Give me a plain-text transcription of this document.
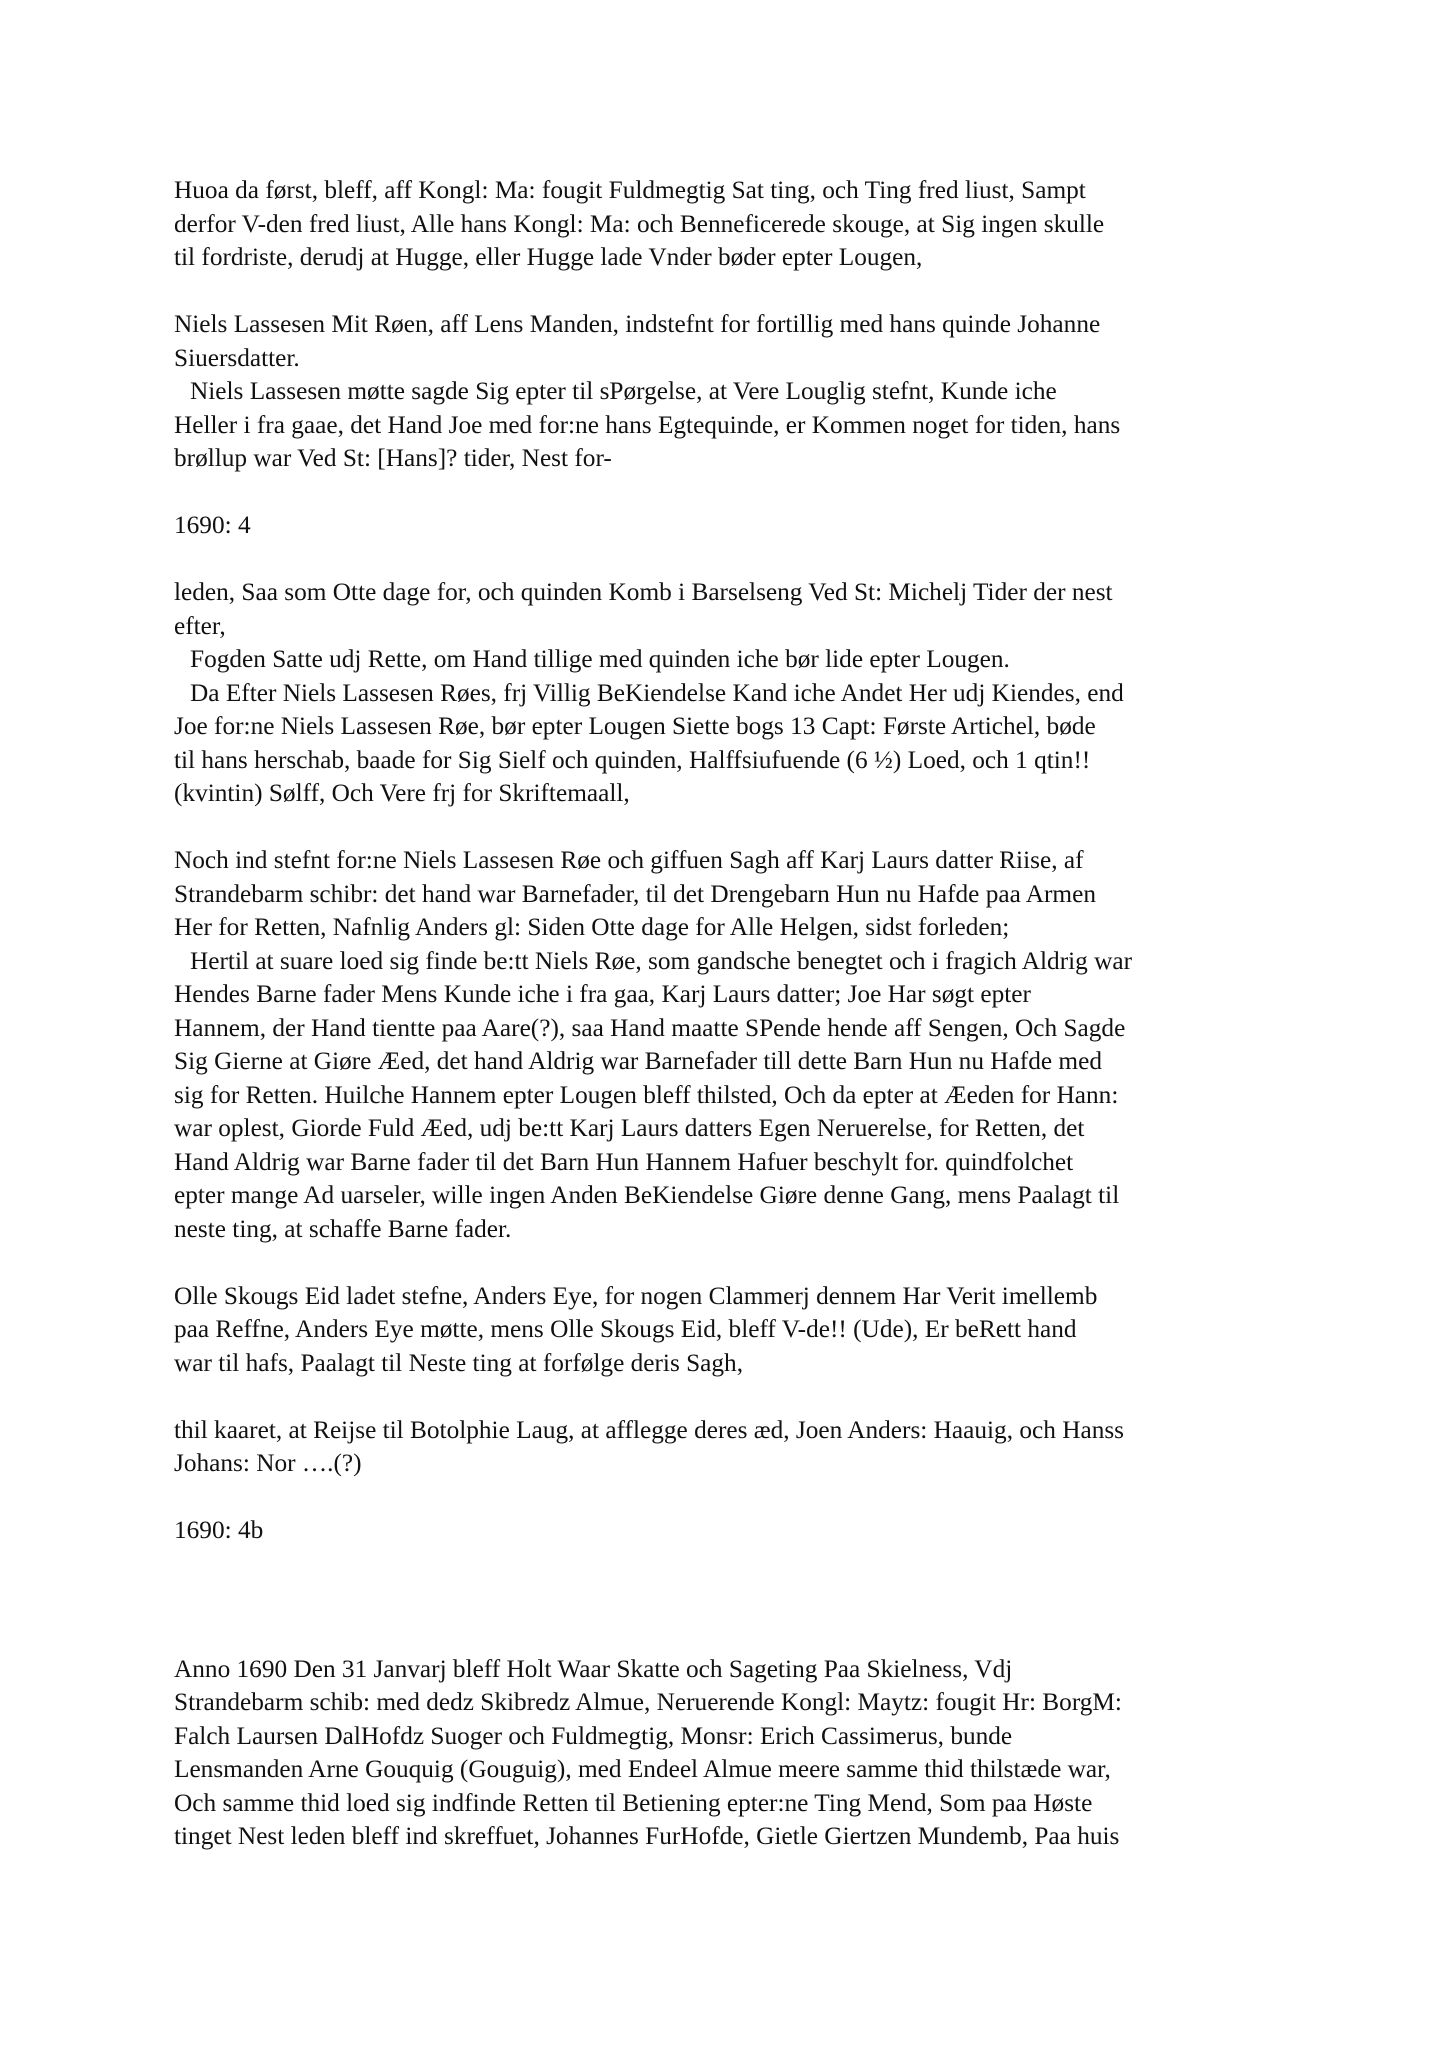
Huoa da først, bleff, aff Kongl: Ma: fougit Fuldmegtig Sat ting, och Ting fred liust, Sampt
derfor V-den fred liust, Alle hans Kongl: Ma: och Benneficerede skouge, at Sig ingen skulle
til fordriste, derudj at Hugge, eller Hugge lade Vnder bøder epter Lougen,

Niels Lassesen Mit Røen, aff Lens Manden, indstefnt for fortillig med hans quinde Johanne
Siuersdatter.

Niels Lassesen møtte sagde Sig epter til sPørgelse, at Vere Louglig stefnt, Kunde iche
Heller i fra gaae, det Hand Joe med for:ne hans Egtequinde, er Kommen noget for tiden, hans
brøllup war Ved St: [Hans]? tider, Nest for-

1690: 4

leden, Saa som Otte dage for, och quinden Komb i Barselseng Ved St: Michelj Tider der nest
efter,

Fogden Satte udj Rette, om Hand tillige med quinden iche bør lide epter Lougen.

Da Efter Niels Lassesen Røes, frj Villig BeKiendelse Kand iche Andet Her udj Kiendes, end
Joe for:ne Niels Lassesen Røe, bør epter Lougen Siette bogs 13 Capt: Første Artichel, bøde
til hans herschab, baade for Sig Sielf och quinden, Halffsiufuende (6 ½) Loed, och 1 qtin!!
(kvintin) Sølff, Och Vere frj for Skriftemaall,

Noch ind stefnt for:ne Niels Lassesen Røe och giffuen Sagh aff Karj Laurs datter Riise, af
Strandebarm schibr: det hand war Barnefader, til det Drengebarn Hun nu Hafde paa Armen
Her for Retten, Nafnlig Anders gl: Siden Otte dage for Alle Helgen, sidst forleden;

Hertil at suare loed sig finde be:tt Niels Røe, som gandsche benegtet och i fragich Aldrig war
Hendes Barne fader Mens Kunde iche i fra gaa, Karj Laurs datter; Joe Har søgt epter
Hannem, der Hand tientte paa Aare(?), saa Hand maatte SPende hende aff Sengen, Och Sagde
Sig Gierne at Giøre Æed, det hand Aldrig war Barnefader till dette Barn Hun nu Hafde med
sig for Retten. Huilche Hannem epter Lougen bleff thilsted, Och da epter at Æeden for Hann:
war oplest, Giorde Fuld Æed, udj be:tt Karj Laurs datters Egen Neruerelse, for Retten, det
Hand Aldrig war Barne fader til det Barn Hun Hannem Hafuer beschylt for. quindfolchet
epter mange Ad uarseler, wille ingen Anden BeKiendelse Giøre denne Gang, mens Paalagt til
neste ting, at schaffe Barne fader.

Olle Skougs Eid ladet stefne, Anders Eye, for nogen Clammerj dennem Har Verit imellemb
paa Reffne, Anders Eye møtte, mens Olle Skougs Eid, bleff V-de!! (Ude), Er beRett hand
war til hafs, Paalagt til Neste ting at forfølge deris Sagh,

thil kaaret, at Reijse til Botolphie Laug, at afflegge deres æd, Joen Anders: Haauig, och Hanss
Johans: Nor ….(?)

1690: 4b

Anno 1690 Den 31 Janvarj bleff Holt Waar Skatte och Sageting Paa Skielness, Vdj
Strandebarm schib: med dedz Skibredz Almue, Neruerende Kongl: Maytz: fougit Hr: BorgM:
Falch Laursen DalHofdz Suoger och Fuldmegtig, Monsr: Erich Cassimerus, bunde
Lensmanden Arne Gouquig (Gouguig), med Endeel Almue meere samme thid thilstæde war,
Och samme thid loed sig indfinde Retten til Betiening epter:ne Ting Mend, Som paa Høste
tinget Nest leden bleff ind skreffuet, Johannes FurHofde, Gietle Giertzen Mundemb, Paa huis
